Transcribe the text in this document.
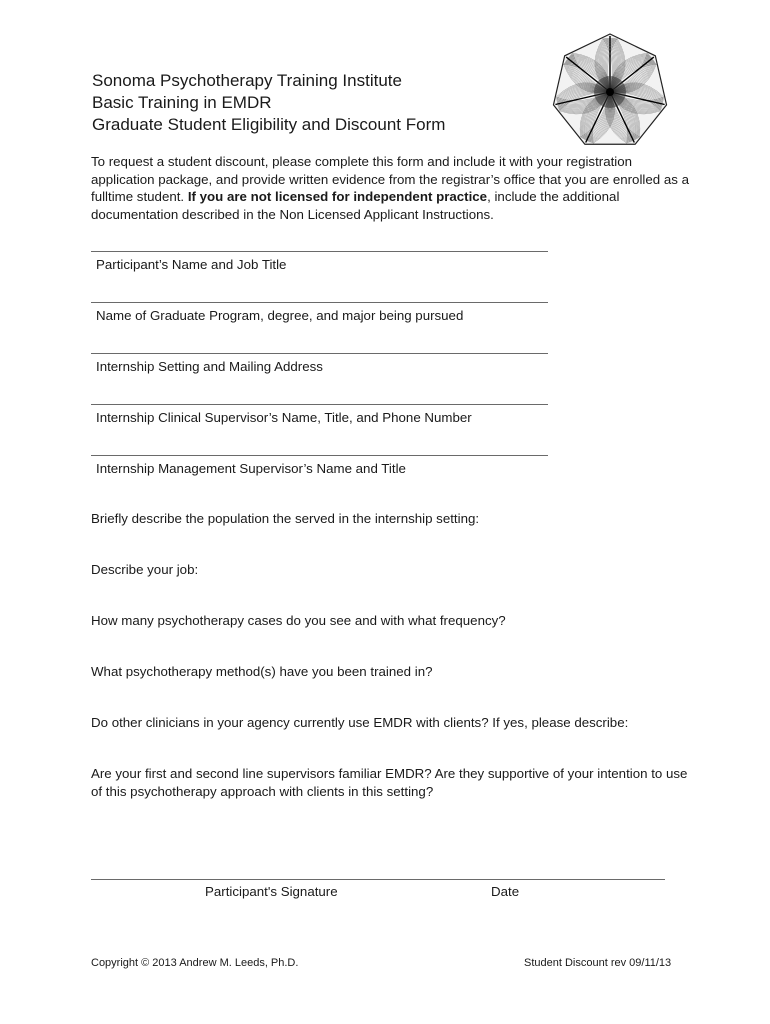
Sonoma Psychotherapy Training Institute
Basic Training in EMDR
Graduate Student Eligibility and Discount Form
To request a student discount, please complete this form and include it with your registration application package, and provide written evidence from the registrar’s office that you are enrolled as a fulltime student. If you are not licensed for independent practice, include the additional documentation described in the Non Licensed Applicant Instructions.
Participant’s Name and Job Title
Name of Graduate Program, degree, and major being pursued
Internship Setting and Mailing Address
Internship Clinical Supervisor’s Name, Title, and Phone Number
Internship Management Supervisor’s Name and Title
Briefly describe the population the served in the internship setting:
Describe your job:
How many psychotherapy cases do you see and with what frequency?
What psychotherapy method(s) have you been trained in?
Do other clinicians in your agency currently use EMDR with clients? If yes, please describe:
Are your first and second line supervisors familiar EMDR? Are they supportive of your intention to use of this psychotherapy approach with clients in this setting?
Participant's Signature	Date
Copyright © 2013 Andrew M. Leeds, Ph.D.	Student Discount rev 09/11/13
